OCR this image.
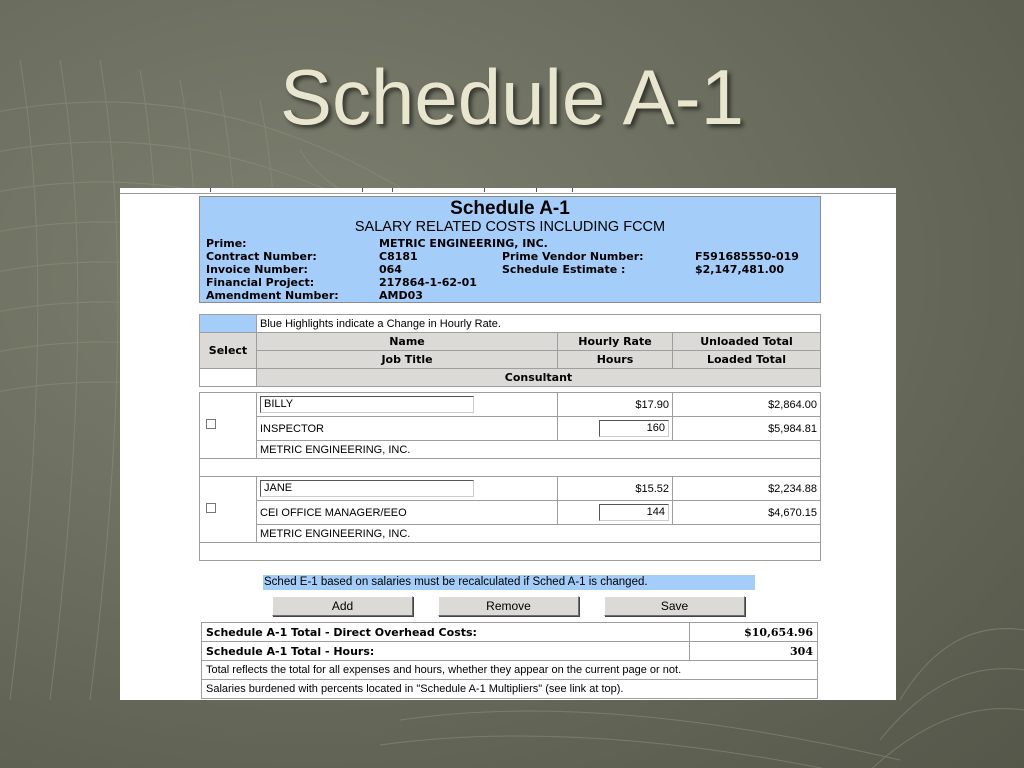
Schedule A-1
Schedule A-1
SALARY RELATED COSTS INCLUDING FCCM
Prime:	METRIC ENGINEERING, INC.
Contract Number:	C8181	Prime Vendor Number:	F591685550-019
Invoice Number:	064	Schedule Estimate :	$2,147,481.00
Financial Project:	217864-1-62-01
Amendment Number:	AMD03
	Blue Highlights indicate a Change in Hourly Rate.		
Select	Name	Hourly Rate	Unloaded Total
	Job Title	Hours	Loaded Total
	Consultant		

	BILLY	$17.90	$2,864.00
	INSPECTOR	160	$5,984.81
	METRIC ENGINEERING, INC.		

	JANE	$15.52	$2,234.88
	CEI OFFICE MANAGER/EEO	144	$4,670.15
	METRIC ENGINEERING, INC.		

Sched E-1 based on salaries must be recalculated if Sched A-1 is changed.
Add	Remove	Save
Schedule A-1 Total - Direct Overhead Costs:	$10,654.96
Schedule A-1 Total - Hours:	304
Total reflects the total for all expenses and hours, whether they appear on the current page or not.	
Salaries burdened with percents located in "Schedule A-1 Multipliers" (see link at top).	
